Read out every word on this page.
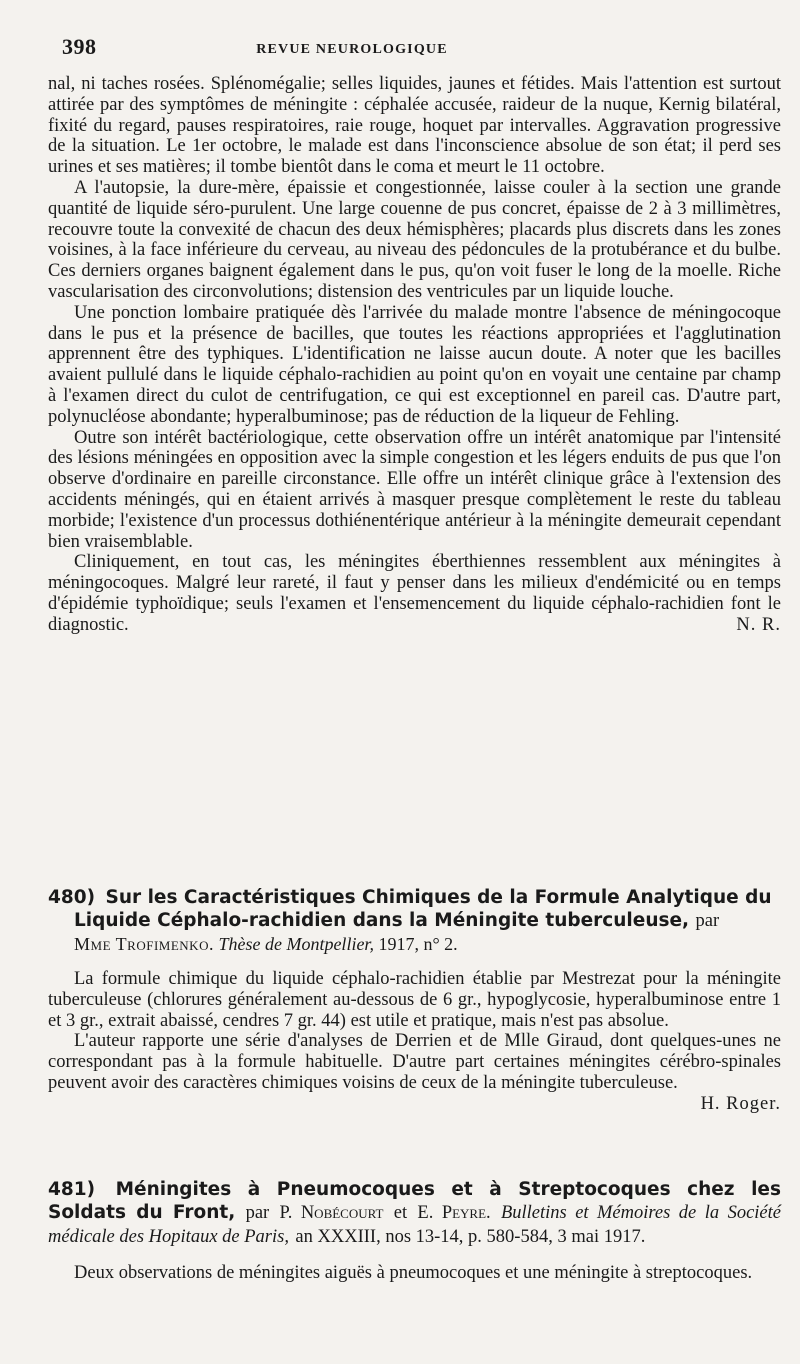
398	REVUE NEUROLOGIQUE

nal, ni taches rosées. Splénomégalie; selles liquides, jaunes et fétides. Mais l'attention est surtout attirée par des symptômes de méningite : céphalée accusée, raideur de la nuque, Kernig bilatéral, fixité du regard, pauses respiratoires, raie rouge, hoquet par intervalles. Aggravation progressive de la situation. Le 1er octobre, le malade est dans l'inconscience absolue de son état; il perd ses urines et ses matières; il tombe bientôt dans le coma et meurt le 11 octobre.

A l'autopsie, la dure-mère, épaissie et congestionnée, laisse couler à la section une grande quantité de liquide séro-purulent. Une large couenne de pus concret, épaisse de 2 à 3 millimètres, recouvre toute la convexité de chacun des deux hémisphères; placards plus discrets dans les zones voisines, à la face inférieure du cerveau, au niveau des pédoncules de la protubérance et du bulbe. Ces derniers organes baignent également dans le pus, qu'on voit fuser le long de la moelle. Riche vascularisation des circonvolutions; distension des ventricules par un liquide louche.

Une ponction lombaire pratiquée dès l'arrivée du malade montre l'absence de méningocoque dans le pus et la présence de bacilles, que toutes les réactions appropriées et l'agglutination apprennent être des typhiques. L'identification ne laisse aucun doute. A noter que les bacilles avaient pullulé dans le liquide céphalo-rachidien au point qu'on en voyait une centaine par champ à l'examen direct du culot de centrifugation, ce qui est exceptionnel en pareil cas. D'autre part, polynucléose abondante; hyperalbuminose; pas de réduction de la liqueur de Fehling.

Outre son intérêt bactériologique, cette observation offre un intérêt anatomique par l'intensité des lésions méningées en opposition avec la simple congestion et les légers enduits de pus que l'on observe d'ordinaire en pareille circonstance. Elle offre un intérêt clinique grâce à l'extension des accidents méningés, qui en étaient arrivés à masquer presque complètement le reste du tableau morbide; l'existence d'un processus dothiénentérique antérieur à la méningite demeurait cependant bien vraisemblable.

Cliniquement, en tout cas, les méningites éberthiennes ressemblent aux méningites à méningocoques. Malgré leur rareté, il faut y penser dans les milieux d'endémicité ou en temps d'épidémie typhoïdique; seuls l'examen et l'ensemencement du liquide céphalo-rachidien font le diagnostic.	N. R.

480) Sur les Caractéristiques Chimiques de la Formule Analytique du
Liquide Céphalo-rachidien dans la Méningite tuberculeuse, par
Mme Trofimenko. Thèse de Montpellier, 1917, n° 2.

La formule chimique du liquide céphalo-rachidien établie par Mestrezat pour la méningite tuberculeuse (chlorures généralement au-dessous de 6 gr., hypoglycosie, hyperalbuminose entre 1 et 3 gr., extrait abaissé, cendres 7 gr. 44) est utile et pratique, mais n'est pas absolue.

L'auteur rapporte une série d'analyses de Derrien et de Mlle Giraud, dont quelques-unes ne correspondant pas à la formule habituelle. D'autre part certaines méningites cérébro-spinales peuvent avoir des caractères chimiques voisins de ceux de la méningite tuberculeuse.
H. Roger.

481) Méningites à Pneumocoques et à Streptocoques chez les Soldats du Front, par P. Nobécourt et E. Peyre. Bulletins et Mémoires de la Société médicale des Hopitaux de Paris, an XXXIII, nos 13-14, p. 580-584, 3 mai 1917.

Deux observations de méningites aiguës à pneumocoques et une méningite à streptocoques.
